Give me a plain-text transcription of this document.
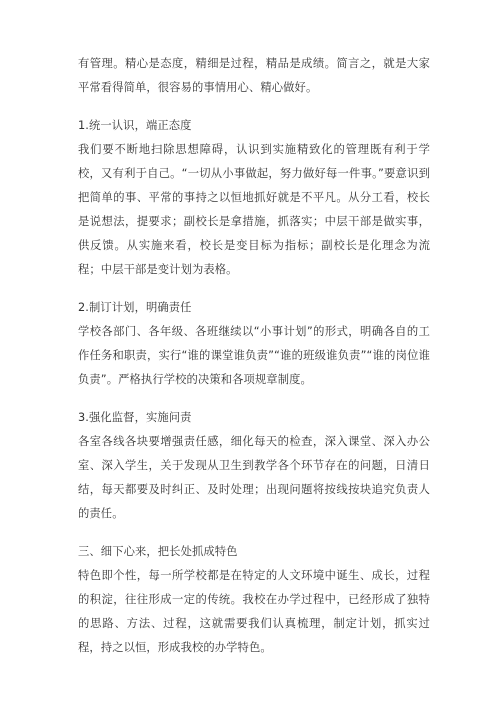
有管理。精心是态度，精细是过程，精品是成绩。简言之，就是大家平常看得简单，很容易的事情用心、精心做好。

1.统一认识，端正态度

我们要不断地扫除思想障碍，认识到实施精致化的管理既有利于学校，又有利于自己。“一切从小事做起，努力做好每一件事。”要意识到把简单的事、平常的事持之以恒地抓好就是不平凡。从分工看，校长是说想法，提要求；副校长是拿措施，抓落实；中层干部是做实事，供反馈。从实施来看，校长是变目标为指标；副校长是化理念为流程；中层干部是变计划为表格。

2.制订计划，明确责任

学校各部门、各年级、各班继续以“小事计划”的形式，明确各自的工作任务和职责，实行“谁的课堂谁负责”“谁的班级谁负责”“谁的岗位谁负责”。严格执行学校的决策和各项规章制度。

3.强化监督，实施问责

各室各线各块要增强责任感，细化每天的检查，深入课堂、深入办公室、深入学生，关于发现从卫生到教学各个环节存在的问题，日清日结，每天都要及时纠正、及时处理；出现问题将按线按块追究负责人的责任。

三、细下心来，把长处抓成特色

特色即个性，每一所学校都是在特定的人文环境中诞生、成长，过程的积淀，往往形成一定的传统。我校在办学过程中，已经形成了独特的思路、方法、过程，这就需要我们认真梳理，制定计划，抓实过程，持之以恒，形成我校的办学特色。
